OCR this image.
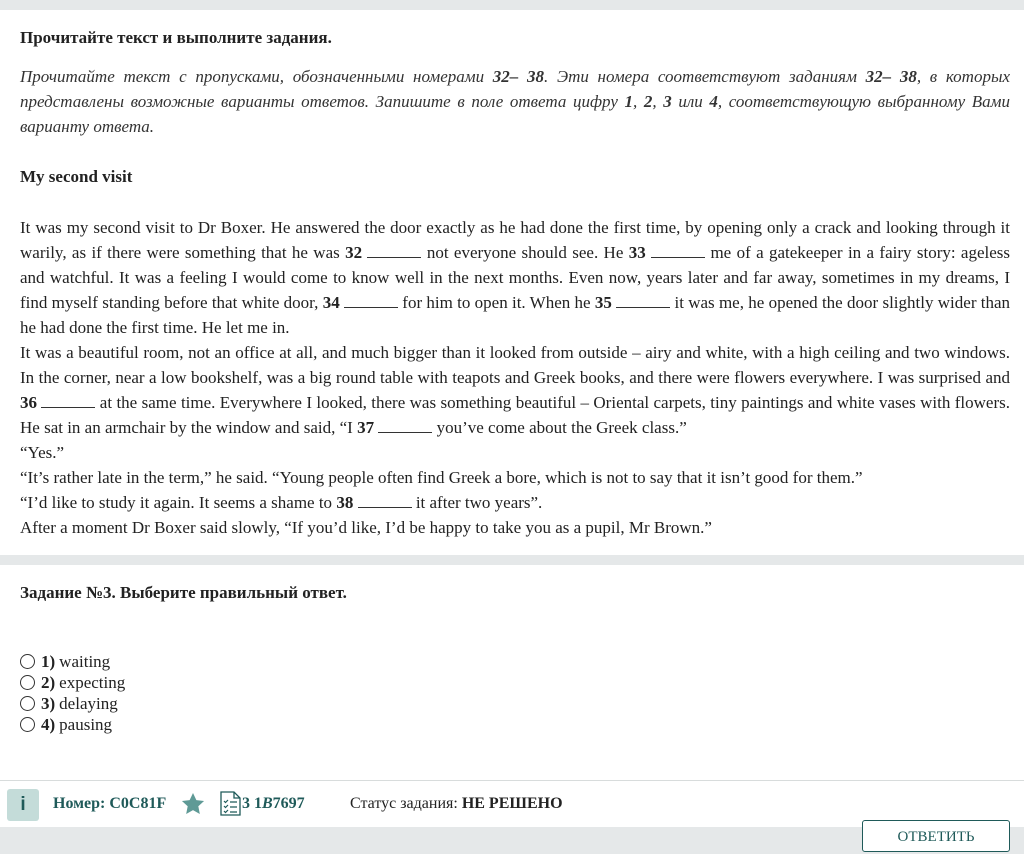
Прочитайте текст и выполните задания.

Прочитайте текст с пропусками, обозначенными номерами 32– 38. Эти номера соответствуют заданиям 32– 38, в которых представлены возможные варианты ответов. Запишите в поле ответа цифру 1, 2, 3 или 4, соответствующую выбранному Вами варианту ответа.

My second visit

It was my second visit to Dr Boxer. He answered the door exactly as he had done the first time, by opening only a crack and looking through it warily, as if there were something that he was 32	not everyone should see. He 33	me of a gatekeeper in a fairy story: ageless and watchful. It was a feeling I would come to know well in the next months. Even now, years later and far away, sometimes in my dreams, I find myself standing before that white door, 34	for him to open it. When he 35	it was me, he opened the door slightly wider than he had done the first time. He let me in.

It was a beautiful room, not an office at all, and much bigger than it looked from outside – airy and white, with a high ceiling and two windows. In the corner, near a low bookshelf, was a big round table with teapots and Greek books, and there were flowers everywhere. I was surprised and 36	at the same time. Everywhere I looked, there was something beautiful – Oriental carpets, tiny paintings and white vases with flowers. He sat in an armchair by the window and said, “I 37	you’ve come about the Greek class.”

“Yes.”

“It’s rather late in the term,” he said. “Young people often find Greek a bore, which is not to say that it isn’t good for them.”

“I’d like to study it again. It seems a shame to 38	it after two years”.

After a moment Dr Boxer said slowly, “If you’d like, I’d be happy to take you as a pupil, Mr Brown.”

Задание №3. Выберите правильный ответ.

1) waiting
2) expecting
3) delaying
4) pausing
i	Номер: C0C81F	3 1В7697	Статус задания: НЕ РЕШЕНО
ОТВЕТИТЬ
